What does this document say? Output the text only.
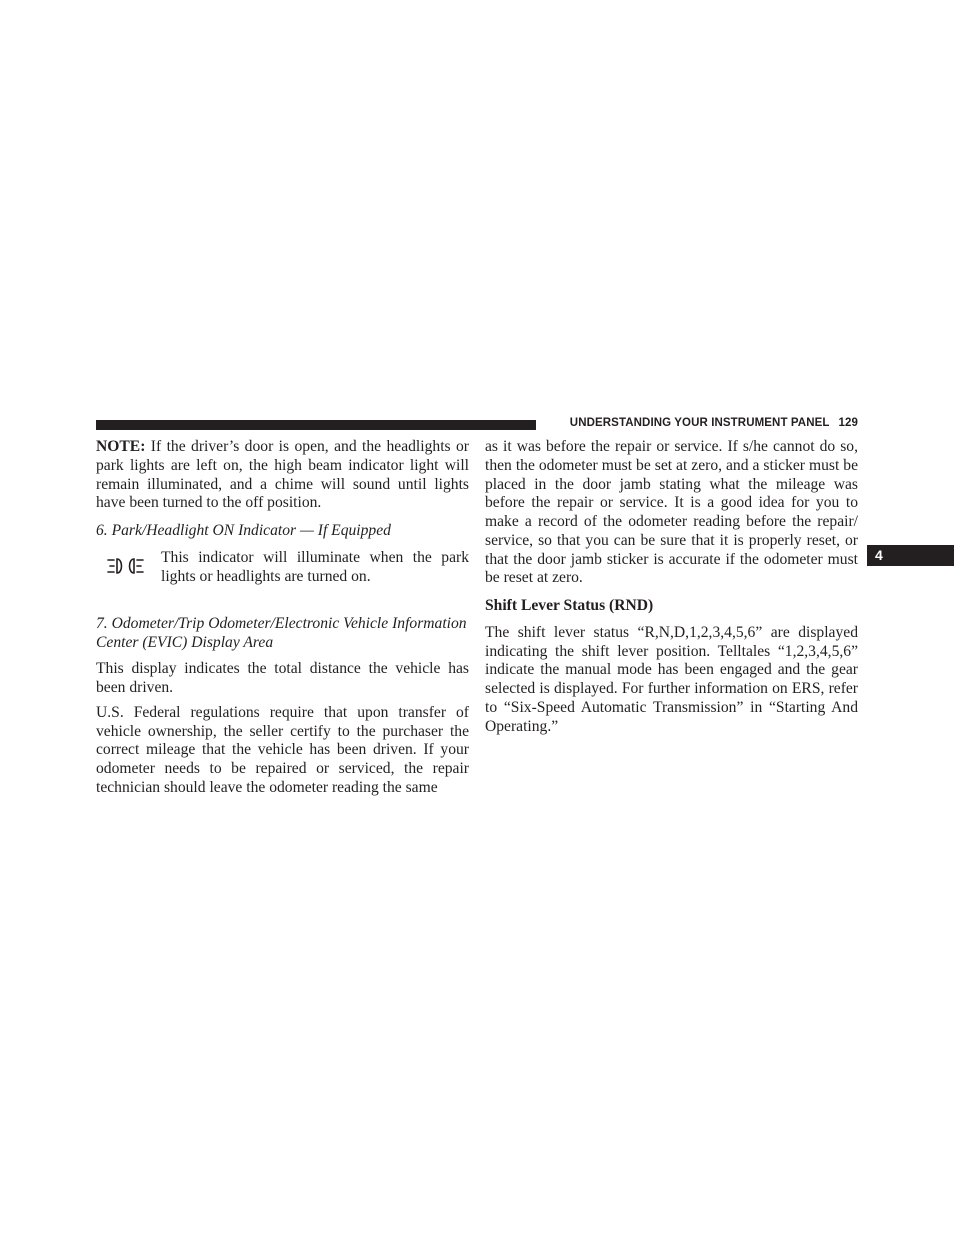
UNDERSTANDING YOUR INSTRUMENT PANEL 129
4

NOTE: If the driver’s door is open, and the headlights or park lights are left on, the high beam indicator light will remain illuminated, and a chime will sound until lights have been turned to the off position.

6. Park/Headlight ON Indicator — If Equipped

This indicator will illuminate when the park lights or headlights are turned on.

7. Odometer/Trip Odometer/Electronic Vehicle Information Center (EVIC) Display Area

This display indicates the total distance the vehicle has been driven.

U.S. Federal regulations require that upon transfer of vehicle ownership, the seller certify to the purchaser the correct mileage that the vehicle has been driven. If your odometer needs to be repaired or serviced, the repair technician should leave the odometer reading the same

as it was before the repair or service. If s/he cannot do so, then the odometer must be set at zero, and a sticker must be placed in the door jamb stating what the mileage was before the repair or service. It is a good idea for you to make a record of the odometer reading before the repair/ service, so that you can be sure that it is properly reset, or that the door jamb sticker is accurate if the odometer must be reset at zero.

Shift Lever Status (RND)

The shift lever status “R,N,D,1,2,3,4,5,6” are displayed indicating the shift lever position. Telltales “1,2,3,4,5,6” indicate the manual mode has been engaged and the gear selected is displayed. For further information on ERS, refer to “Six-Speed Automatic Transmission” in “Starting And Operating.”
